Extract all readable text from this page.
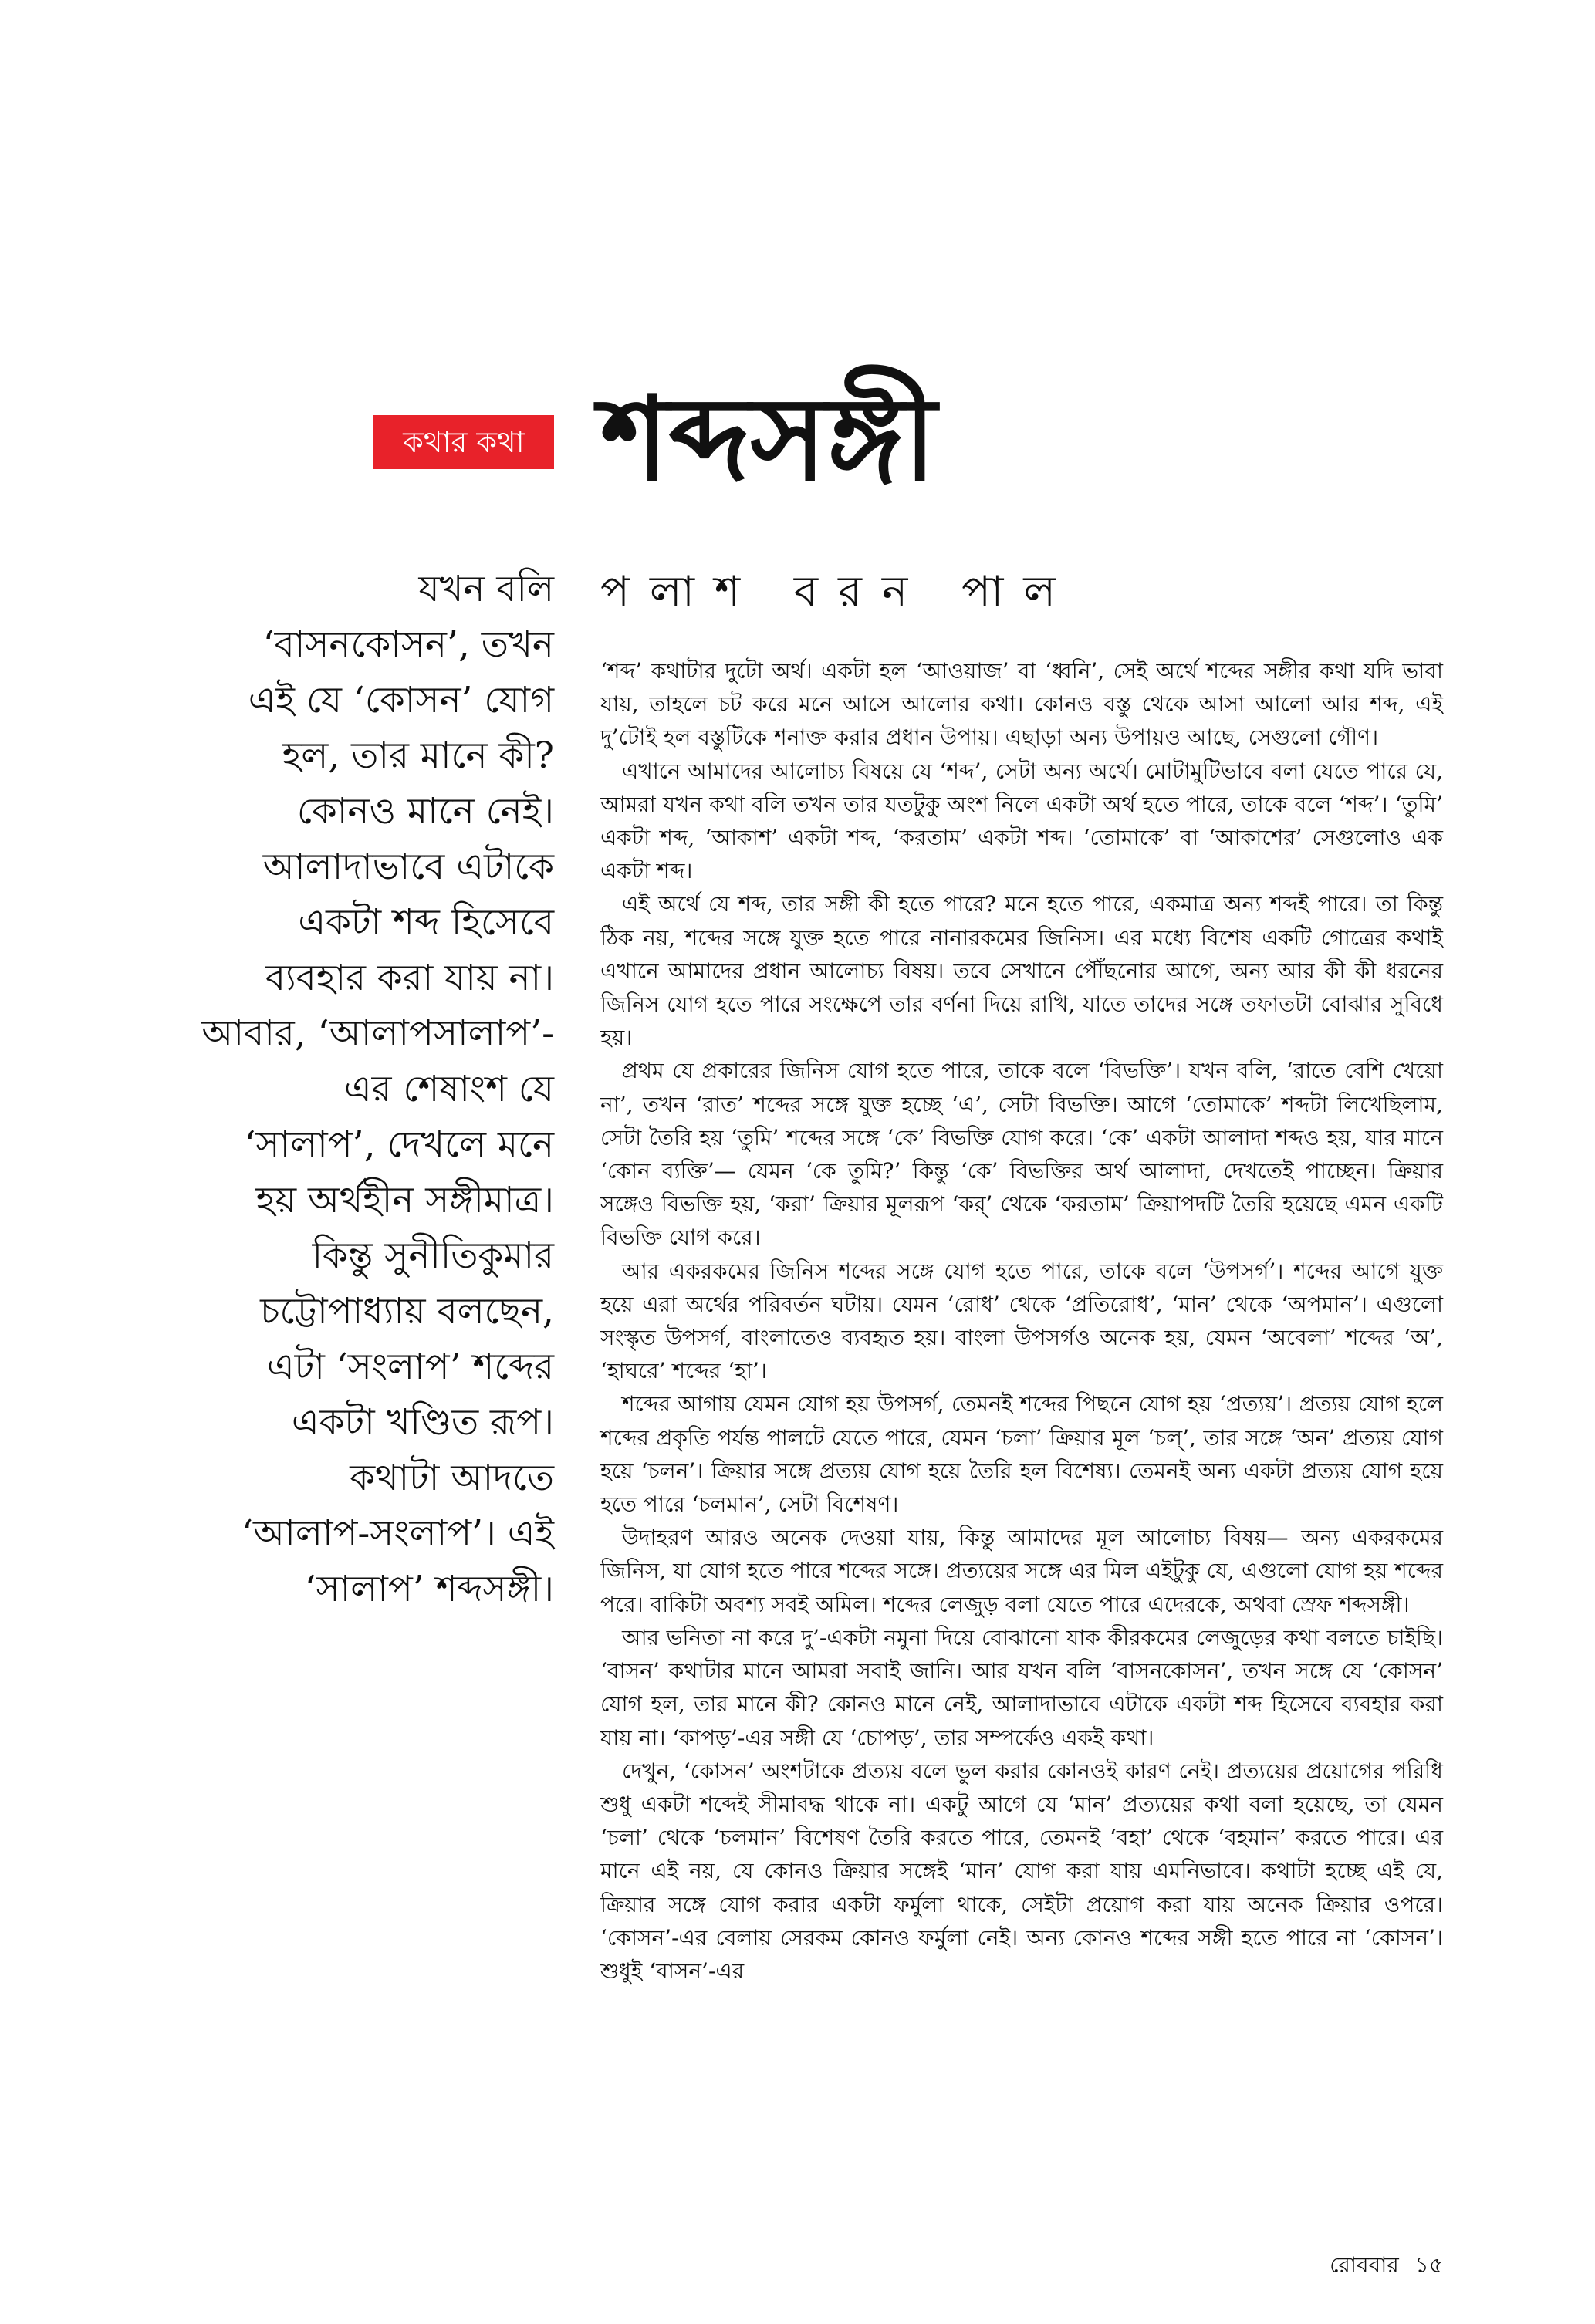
কথার কথা শব্দসঙ্গী
পলাশ বরন পাল
যখন বলি
‘বাসনকোসন’, তখন
এই যে ‘কোসন’ যোগ
হল, তার মানে কী?
কোনও মানে নেই।
আলাদাভাবে এটাকে
একটা শব্দ হিসেবে
ব্যবহার করা যায় না।
আবার, ‘আলাপসালাপ’-
এর শেষাংশ যে
‘সালাপ’, দেখলে মনে
হয় অর্থহীন সঙ্গীমাত্র।
কিন্তু সুনীতিকুমার
চট্টোপাধ্যায় বলছেন,
এটা ‘সংলাপ’ শব্দের
একটা খণ্ডিত রূপ।
কথাটা আদতে
‘আলাপ-সংলাপ’। এই
‘সালাপ’ শব্দসঙ্গী।

‘শব্দ’ কথাটার দুটো অর্থ। একটা হল ‘আওয়াজ’ বা ‘ধ্বনি’, সেই অর্থে শব্দের সঙ্গীর কথা যদি ভাবা যায়, তাহলে চট করে মনে আসে আলোর কথা। কোনও বস্তু থেকে আসা আলো আর শব্দ, এই দু’টোই হল বস্তুটিকে শনাক্ত করার প্রধান উপায়। এছাড়া অন্য উপায়ও আছে, সেগুলো গৌণ।

এখানে আমাদের আলোচ্য বিষয়ে যে ‘শব্দ’, সেটা অন্য অর্থে। মোটামুটিভাবে বলা যেতে পারে যে, আমরা যখন কথা বলি তখন তার যতটুকু অংশ নিলে একটা অর্থ হতে পারে, তাকে বলে ‘শব্দ’। ‘তুমি’ একটা শব্দ, ‘আকাশ’ একটা শব্দ, ‘করতাম’ একটা শব্দ। ‘তোমাকে’ বা ‘আকাশের’ সেগুলোও এক একটা শব্দ।

এই অর্থে যে শব্দ, তার সঙ্গী কী হতে পারে? মনে হতে পারে, একমাত্র অন্য শব্দই পারে। তা কিন্তু ঠিক নয়, শব্দের সঙ্গে যুক্ত হতে পারে নানারকমের জিনিস। এর মধ্যে বিশেষ একটি গোত্রের কথাই এখানে আমাদের প্রধান আলোচ্য বিষয়। তবে সেখানে পৌঁছনোর আগে, অন্য আর কী কী ধরনের জিনিস যোগ হতে পারে সংক্ষেপে তার বর্ণনা দিয়ে রাখি, যাতে তাদের সঙ্গে তফাতটা বোঝার সুবিধে হয়।

প্রথম যে প্রকারের জিনিস যোগ হতে পারে, তাকে বলে ‘বিভক্তি’। যখন বলি, ‘রাতে বেশি খেয়ো না’, তখন ‘রাত’ শব্দের সঙ্গে যুক্ত হচ্ছে ‘এ’, সেটা বিভক্তি। আগে ‘তোমাকে’ শব্দটা লিখেছিলাম, সেটা তৈরি হয় ‘তুমি’ শব্দের সঙ্গে ‘কে’ বিভক্তি যোগ করে। ‘কে’ একটা আলাদা শব্দও হয়, যার মানে ‘কোন ব্যক্তি’— যেমন ‘কে তুমি?’ কিন্তু ‘কে’ বিভক্তির অর্থ আলাদা, দেখতেই পাচ্ছেন। ক্রিয়ার সঙ্গেও বিভক্তি হয়, ‘করা’ ক্রিয়ার মূলরূপ ‘কর্’ থেকে ‘করতাম’ ক্রিয়াপদটি তৈরি হয়েছে এমন একটি বিভক্তি যোগ করে।

আর একরকমের জিনিস শব্দের সঙ্গে যোগ হতে পারে, তাকে বলে ‘উপসর্গ’। শব্দের আগে যুক্ত হয়ে এরা অর্থের পরিবর্তন ঘটায়। যেমন ‘রোধ’ থেকে ‘প্রতিরোধ’, ‘মান’ থেকে ‘অপমান’। এগুলো সংস্কৃত উপসর্গ, বাংলাতেও ব্যবহৃত হয়। বাংলা উপসর্গও অনেক হয়, যেমন ‘অবেলা’ শব্দের ‘অ’, ‘হাঘরে’ শব্দের ‘হা’।

শব্দের আগায় যেমন যোগ হয় উপসর্গ, তেমনই শব্দের পিছনে যোগ হয় ‘প্রত্যয়’। প্রত্যয় যোগ হলে শব্দের প্রকৃতি পর্যন্ত পালটে যেতে পারে, যেমন ‘চলা’ ক্রিয়ার মূল ‘চল্’, তার সঙ্গে ‘অন’ প্রত্যয় যোগ হয়ে ‘চলন’। ক্রিয়ার সঙ্গে প্রত্যয় যোগ হয়ে তৈরি হল বিশেষ্য। তেমনই অন্য একটা প্রত্যয় যোগ হয়ে হতে পারে ‘চলমান’, সেটা বিশেষণ।

উদাহরণ আরও অনেক দেওয়া যায়, কিন্তু আমাদের মূল আলোচ্য বিষয়— অন্য একরকমের জিনিস, যা যোগ হতে পারে শব্দের সঙ্গে। প্রত্যয়ের সঙ্গে এর মিল এইটুকু যে, এগুলো যোগ হয় শব্দের পরে। বাকিটা অবশ্য সবই অমিল। শব্দের লেজুড় বলা যেতে পারে এদেরকে, অথবা স্রেফ শব্দসঙ্গী।

আর ভনিতা না করে দু’-একটা নমুনা দিয়ে বোঝানো যাক কীরকমের লেজুড়ের কথা বলতে চাইছি। ‘বাসন’ কথাটার মানে আমরা সবাই জানি। আর যখন বলি ‘বাসনকোসন’, তখন সঙ্গে যে ‘কোসন’ যোগ হল, তার মানে কী? কোনও মানে নেই, আলাদাভাবে এটাকে একটা শব্দ হিসেবে ব্যবহার করা যায় না। ‘কাপড়’-এর সঙ্গী যে ‘চোপড়’, তার সম্পর্কেও একই কথা।

দেখুন, ‘কোসন’ অংশটাকে প্রত্যয় বলে ভুল করার কোনওই কারণ নেই। প্রত্যয়ের প্রয়োগের পরিধি শুধু একটা শব্দেই সীমাবদ্ধ থাকে না। একটু আগে যে ‘মান’ প্রত্যয়ের কথা বলা হয়েছে, তা যেমন ‘চলা’ থেকে ‘চলমান’ বিশেষণ তৈরি করতে পারে, তেমনই ‘বহা’ থেকে ‘বহমান’ করতে পারে। এর মানে এই নয়, যে কোনও ক্রিয়ার সঙ্গেই ‘মান’ যোগ করা যায় এমনিভাবে। কথাটা হচ্ছে এই যে, ক্রিয়ার সঙ্গে যোগ করার একটা ফর্মুলা থাকে, সেইটা প্রয়োগ করা যায় অনেক ক্রিয়ার ওপরে। ‘কোসন’-এর বেলায় সেরকম কোনও ফর্মুলা নেই। অন্য কোনও শব্দের সঙ্গী হতে পারে না ‘কোসন’। শুধুই ‘বাসন’-এর

রোববার ১৫
